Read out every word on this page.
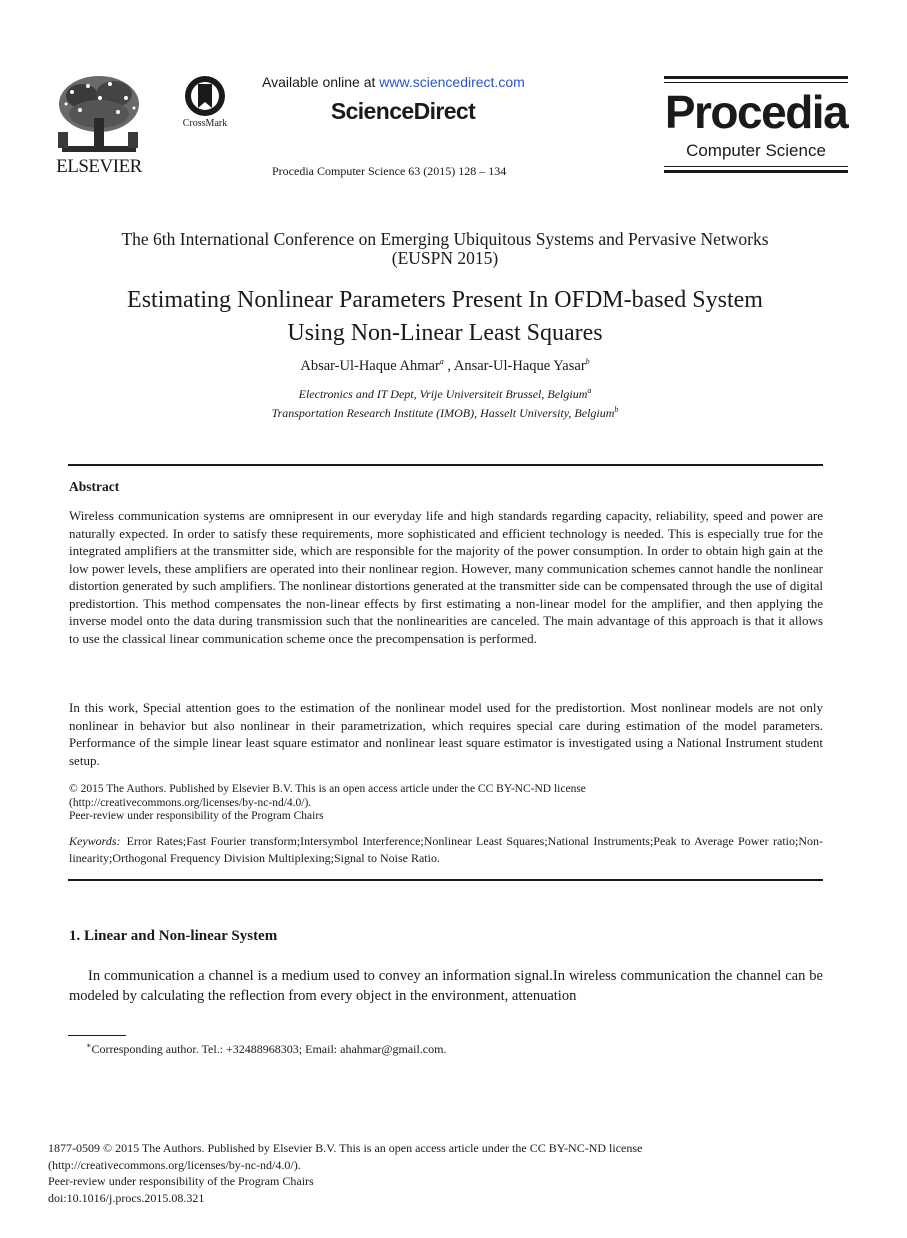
ELSEVIER
CrossMark
Available online at www.sciencedirect.com
ScienceDirect
Procedia Computer Science 63 (2015) 128 – 134
Procedia
Computer Science
The 6th International Conference on Emerging Ubiquitous Systems and Pervasive Networks (EUSPN 2015)
Estimating Nonlinear Parameters Present In OFDM-based System
Using Non-Linear Least Squares
Absar-Ul-Haque Ahmar$^a$ , Ansar-Ul-Haque Yasar$^b$
Electronics and IT Dept, Vrije Universiteit Brussel, Belgium$^a$
Transportation Research Institute (IMOB), Hasselt University, Belgium$^b$
Abstract
Wireless communication systems are omnipresent in our everyday life and high standards regarding capacity, reliability, speed and power are naturally expected. In order to satisfy these requirements, more sophisticated and efficient technology is needed. This is especially true for the integrated amplifiers at the transmitter side, which are responsible for the majority of the power consumption. In order to obtain high gain at the low power levels, these amplifiers are operated into their nonlinear region. However, many communication schemes cannot handle the nonlinear distortion generated by such amplifiers. The nonlinear distortions generated at the transmitter side can be compensated through the use of digital predistortion. This method compensates the non-linear effects by first estimating a non-linear model for the amplifier, and then applying the inverse model onto the data during transmission such that the nonlinearities are canceled. The main advantage of this approach is that it allows to use the classical linear communication scheme once the precompensation is performed.
In this work, Special attention goes to the estimation of the nonlinear model used for the predistortion. Most nonlinear models are not only nonlinear in behavior but also nonlinear in their parametrization, which requires special care during estimation of the model parameters. Performance of the simple linear least square estimator and nonlinear least square estimator is investigated using a National Instrument student setup.
© 2015 The Authors. Published by Elsevier B.V. This is an open access article under the CC BY-NC-ND license
(http://creativecommons.org/licenses/by-nc-nd/4.0/).
Peer-review under responsibility of the Program Chairs
Keywords: Error Rates;Fast Fourier transform;Intersymbol Interference;Nonlinear Least Squares;National Instruments;Peak to Average Power ratio;Non-linearity;Orthogonal Frequency Division Multiplexing;Signal to Noise Ratio.
1. Linear and Non-linear System
In communication a channel is a medium used to convey an information signal.In wireless communication the channel can be modeled by calculating the reflection from every object in the environment, attenuation
∗Corresponding author. Tel.: +32488968303; Email: ahahmar@gmail.com.
1877-0509 © 2015 The Authors. Published by Elsevier B.V. This is an open access article under the CC BY-NC-ND license
(http://creativecommons.org/licenses/by-nc-nd/4.0/).
Peer-review under responsibility of the Program Chairs
doi:10.1016/j.procs.2015.08.321
